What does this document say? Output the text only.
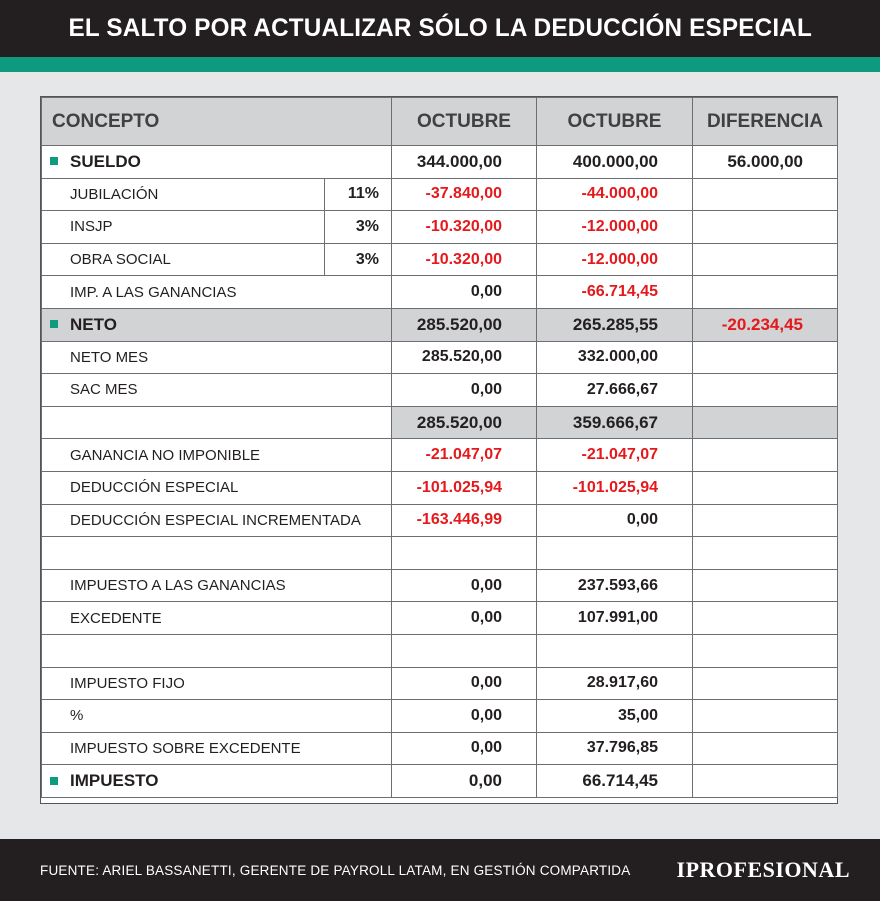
EL SALTO POR ACTUALIZAR SÓLO LA DEDUCCIÓN ESPECIAL
CONCEPTO		OCTUBRE	OCTUBRE	DIFERENCIA
SUELDO		344.000,00	400.000,00	56.000,00
JUBILACIÓN	11%	-37.840,00	-44.000,00	
INSJP	3%	-10.320,00	-12.000,00	
OBRA SOCIAL	3%	-10.320,00	-12.000,00	
IMP. A LAS GANANCIAS		0,00	-66.714,45	
NETO		285.520,00	265.285,55	-20.234,45
NETO MES		285.520,00	332.000,00	
SAC MES		0,00	27.666,67	
		285.520,00	359.666,67	
GANANCIA NO IMPONIBLE		-21.047,07	-21.047,07	
DEDUCCIÓN ESPECIAL		-101.025,94	-101.025,94	
DEDUCCIÓN ESPECIAL INCREMENTADA		-163.446,99	0,00	

IMPUESTO A LAS GANANCIAS		0,00	237.593,66	
EXCEDENTE		0,00	107.991,00	

IMPUESTO FIJO		0,00	28.917,60	
%		0,00	35,00	
IMPUESTO SOBRE EXCEDENTE		0,00	37.796,85	
IMPUESTO		0,00	66.714,45	
FUENTE: ARIEL BASSANETTI, GERENTE DE PAYROLL LATAM, EN GESTIÓN COMPARTIDA IPROFESIONAL
